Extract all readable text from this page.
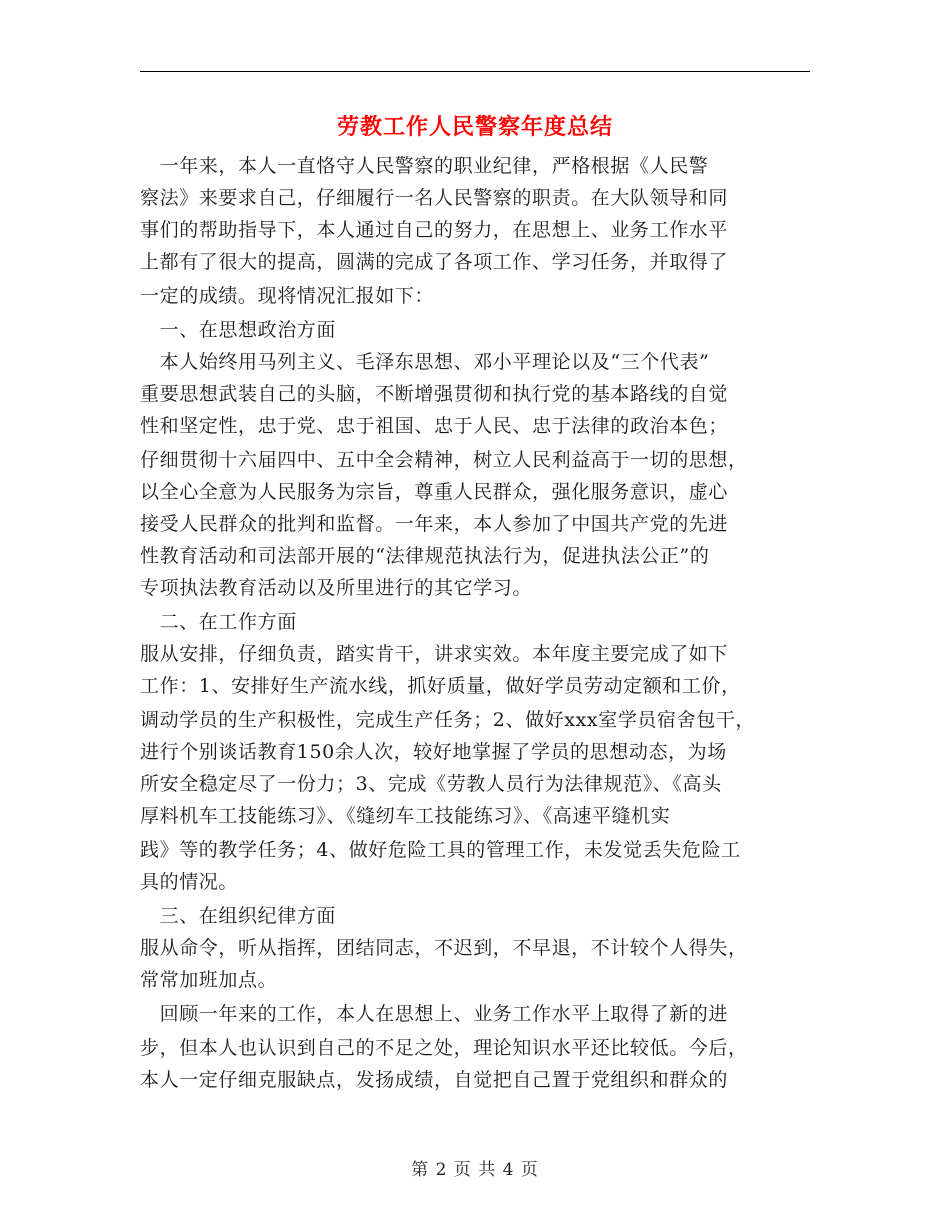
劳教工作人民警察年度总结
　一年来，本人一直恪守人民警察的职业纪律，严格根据《人民警
察法》来要求自己，仔细履行一名人民警察的职责。在大队领导和同
事们的帮助指导下，本人通过自己的努力，在思想上、业务工作水平
上都有了很大的提高，圆满的完成了各项工作、学习任务，并取得了
一定的成绩。现将情况汇报如下：
　一、在思想政治方面
　本人始终用马列主义、毛泽东思想、邓小平理论以及“三个代表”
重要思想武装自己的头脑，不断增强贯彻和执行党的基本路线的自觉
性和坚定性，忠于党、忠于祖国、忠于人民、忠于法律的政治本色；
仔细贯彻十六届四中、五中全会精神，树立人民利益高于一切的思想，
以全心全意为人民服务为宗旨，尊重人民群众，强化服务意识，虚心
接受人民群众的批判和监督。一年来，本人参加了中国共产党的先进
性教育活动和司法部开展的“法律规范执法行为，促进执法公正”的
专项执法教育活动以及所里进行的其它学习。
　二、在工作方面
服从安排，仔细负责，踏实肯干，讲求实效。本年度主要完成了如下
工作：1、安排好生产流水线，抓好质量，做好学员劳动定额和工价，
调动学员的生产积极性，完成生产任务；2、做好xxx室学员宿舍包干，
进行个别谈话教育150余人次，较好地掌握了学员的思想动态，为场
所安全稳定尽了一份力；3、完成《劳教人员行为法律规范》、《高头
厚料机车工技能练习》、《缝纫车工技能练习》、《高速平缝机实
践》等的教学任务；4、做好危险工具的管理工作，未发觉丢失危险工
具的情况。
　三、在组织纪律方面
服从命令，听从指挥，团结同志，不迟到，不早退，不计较个人得失，
常常加班加点。
　回顾一年来的工作，本人在思想上、业务工作水平上取得了新的进
步，但本人也认识到自己的不足之处，理论知识水平还比较低。今后，
本人一定仔细克服缺点，发扬成绩，自觉把自己置于党组织和群众的
第 2 页 共 4 页
